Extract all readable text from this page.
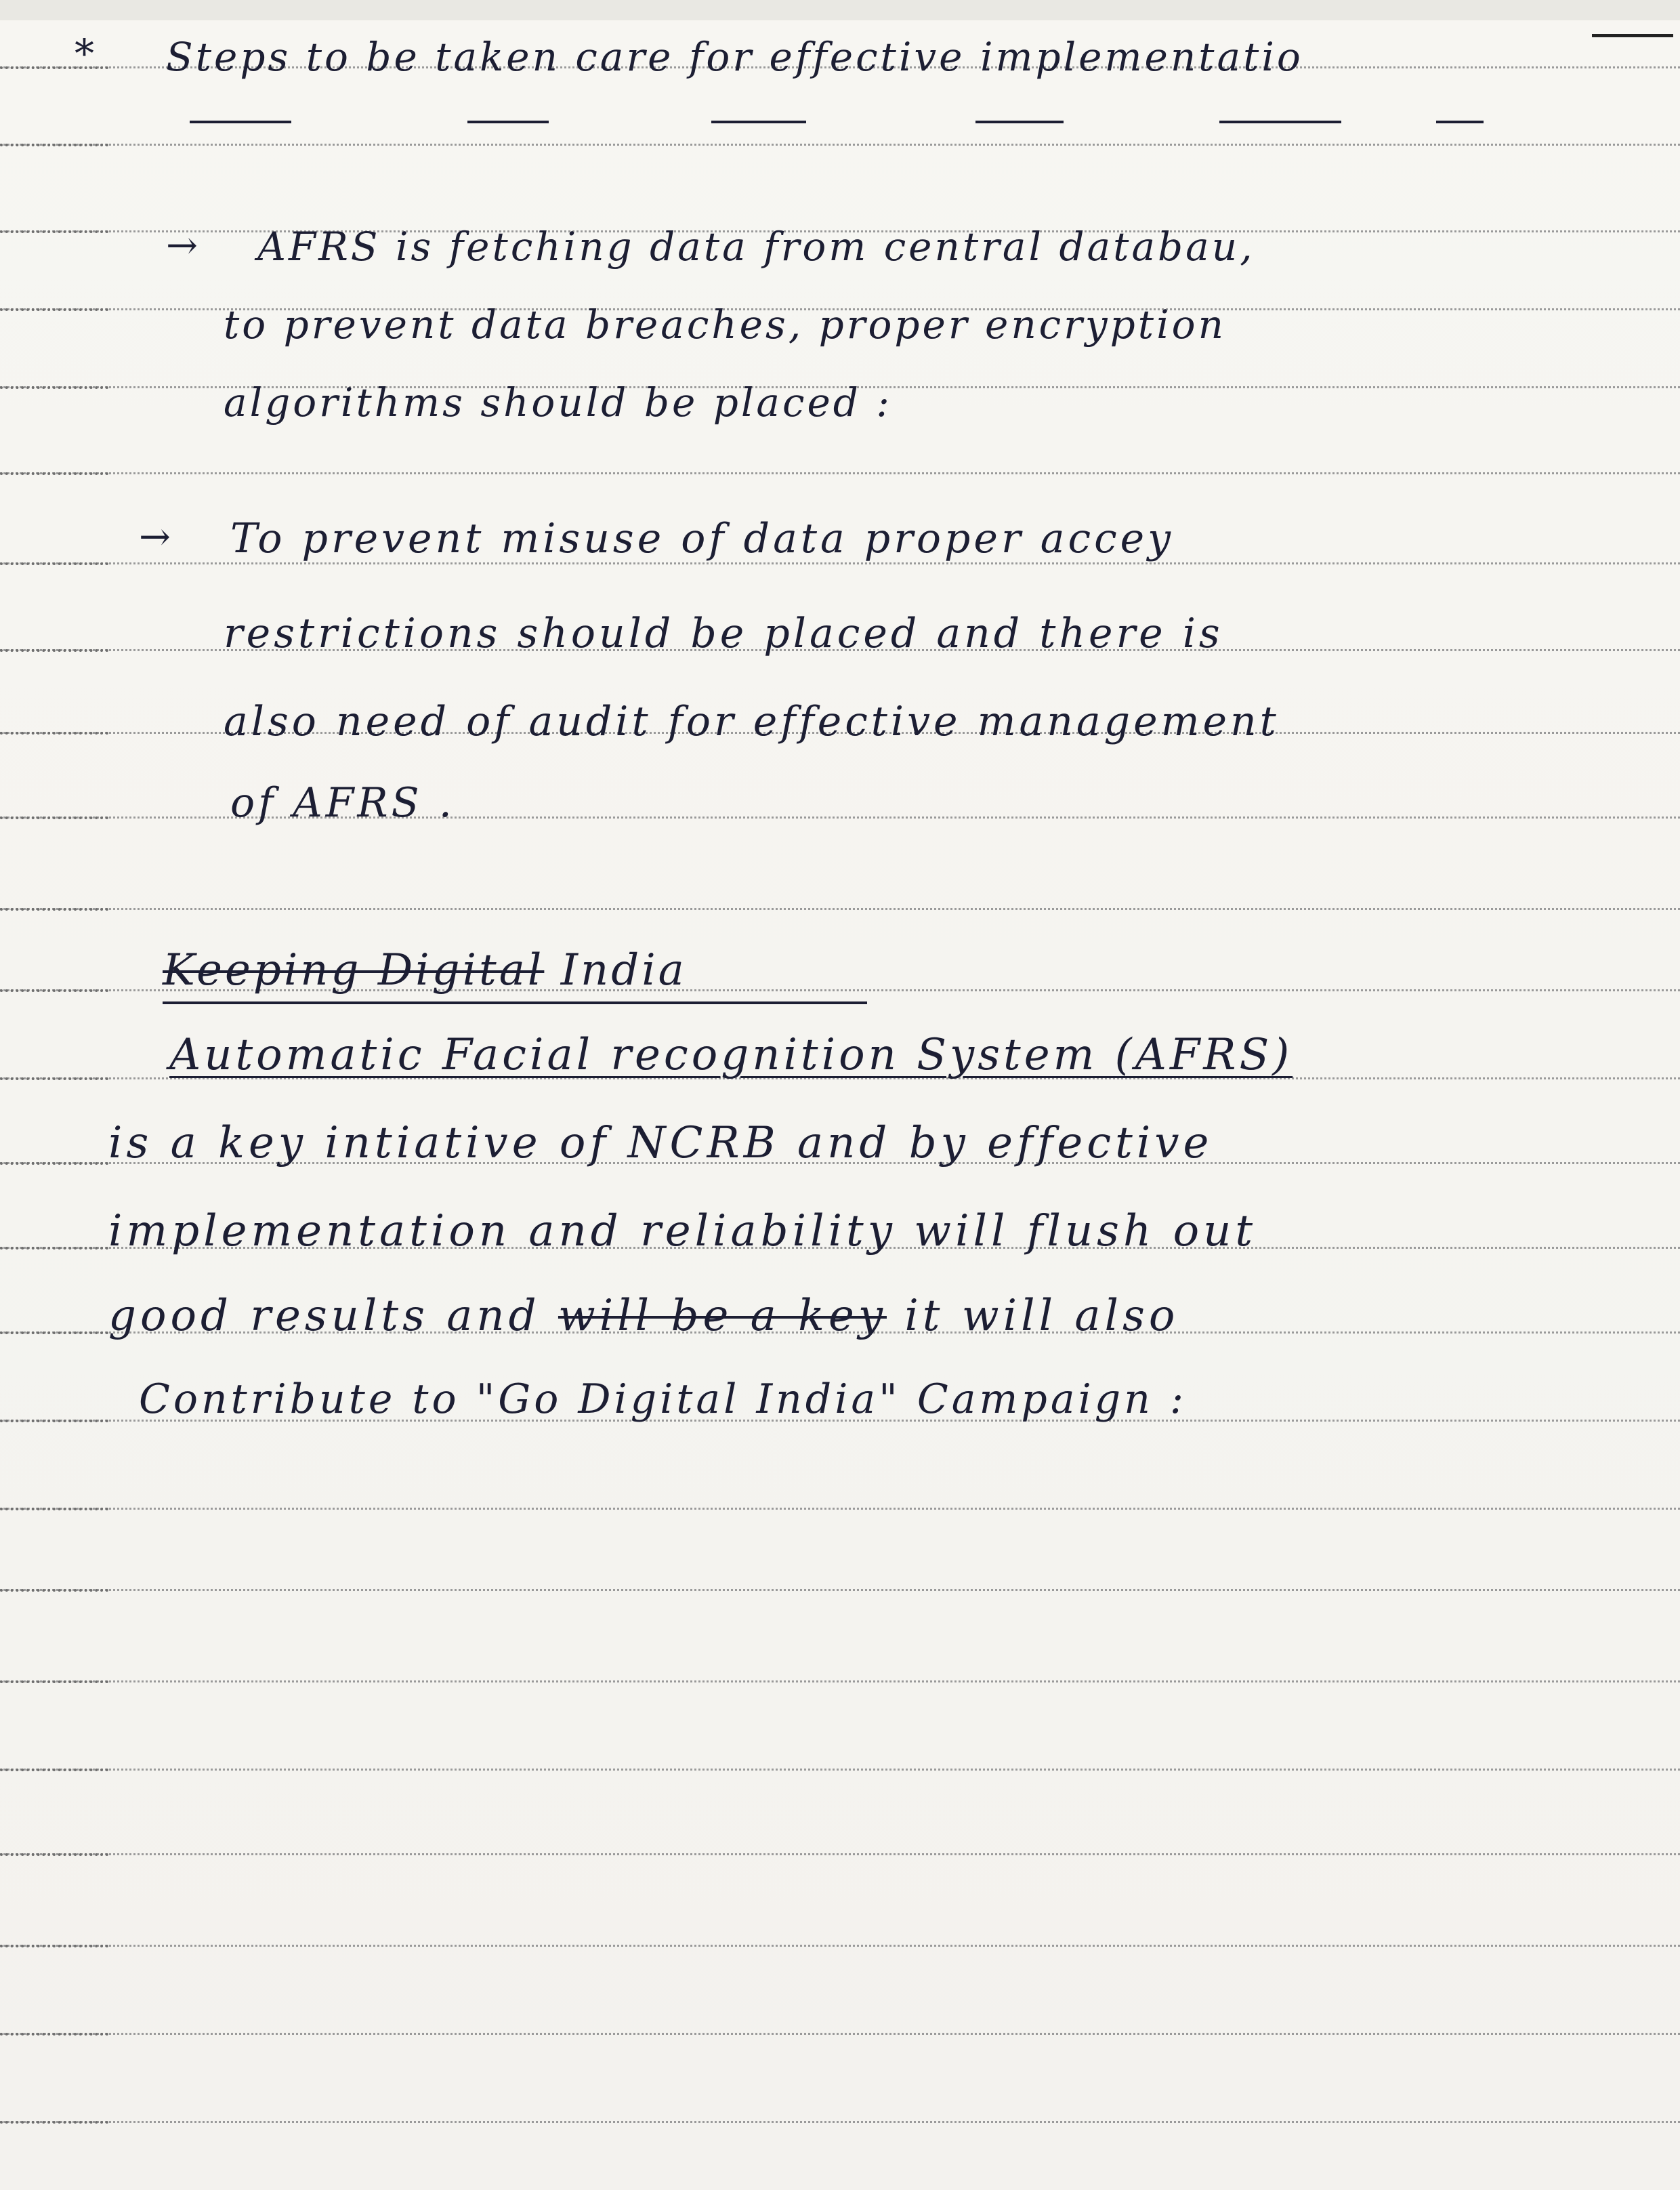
* Steps to be taken care for effective implementatio
→ AFRS is fetching data from central databau,
to prevent data breaches, proper encryption
algorithms should be placed :
→ To prevent misuse of data proper accey
restrictions should be placed and there is
also need of audit for effective management
of AFRS .
Keeping Digital India
Automatic Facial recognition System (AFRS)
is a key intiative of NCRB and by effective
implementation and reliability will flush out
good results and will be a key it will also
Contribute to "Go Digital India" Campaign :
